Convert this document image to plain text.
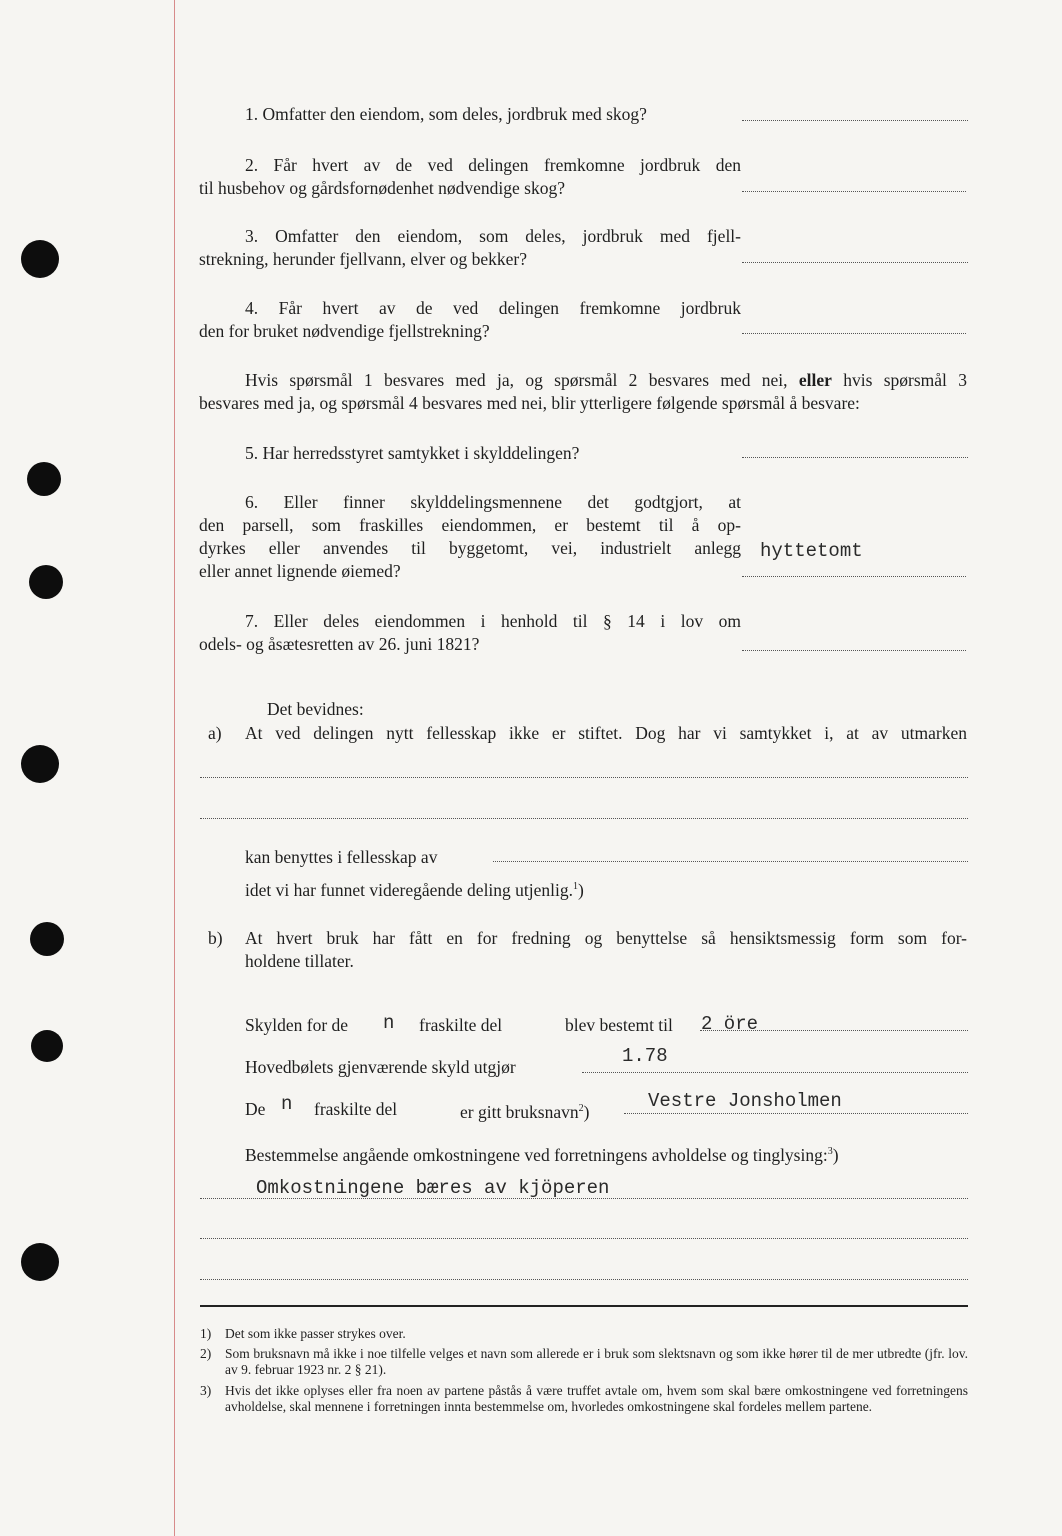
1. Omfatter den eiendom, som deles, jordbruk med skog?
2. Får hvert av de ved delingen fremkomne jordbruk den
til husbehov og gårdsfornødenhet nødvendige skog?
3. Omfatter den eiendom, som deles, jordbruk med fjell-
strekning, herunder fjellvann, elver og bekker?
4. Får hvert av de ved delingen fremkomne jordbruk
den for bruket nødvendige fjellstrekning?
Hvis spørsmål 1 besvares med ja, og spørsmål 2 besvares med nei, eller hvis spørsmål 3
besvares med ja, og spørsmål 4 besvares med nei, blir ytterligere følgende spørsmål å besvare:
5. Har herredsstyret samtykket i skylddelingen?
6. Eller finner skylddelingsmennene det godtgjort, at
den parsell, som fraskilles eiendommen, er bestemt til å op-
dyrkes eller anvendes til byggetomt, vei, industrielt anlegg
eller annet lignende øiemed?
hyttetomt
7. Eller deles eiendommen i henhold til § 14 i lov om
odels- og åsætesretten av 26. juni 1821?
Det bevidnes:
a) At ved delingen nytt fellesskap ikke er stiftet. Dog har vi samtykket i, at av utmarken
kan benyttes i fellesskap av
idet vi har funnet videregående deling utjenlig.$^1$)
b) At hvert bruk har fått en for fredning og benyttelse så hensiktsmessig form som for-
holdene tillater.
Skylden for de n fraskilte del	blev bestemt til 2 öre
Hovedbølets gjenværende skyld utgjør	1.78
De n fraskilte del	er gitt bruksnavn$^2$)	Vestre Jonsholmen
Bestemmelse angående omkostningene ved forretningens avholdelse og tinglysing:$^3$)
Omkostningene bæres av kjöperen
1) Det som ikke passer strykes over.
2) Som bruksnavn må ikke i noe tilfelle velges et navn som allerede er i bruk som slektsnavn og som ikke hører til de mer utbredte (jfr. lov. av 9. februar 1923 nr. 2 § 21).
3) Hvis det ikke oplyses eller fra noen av partene påstås å være truffet avtale om, hvem som skal bære omkostningene ved forretningens avholdelse, skal mennene i forretningen innta bestemmelse om, hvorledes omkostningene skal fordeles mellem partene.
